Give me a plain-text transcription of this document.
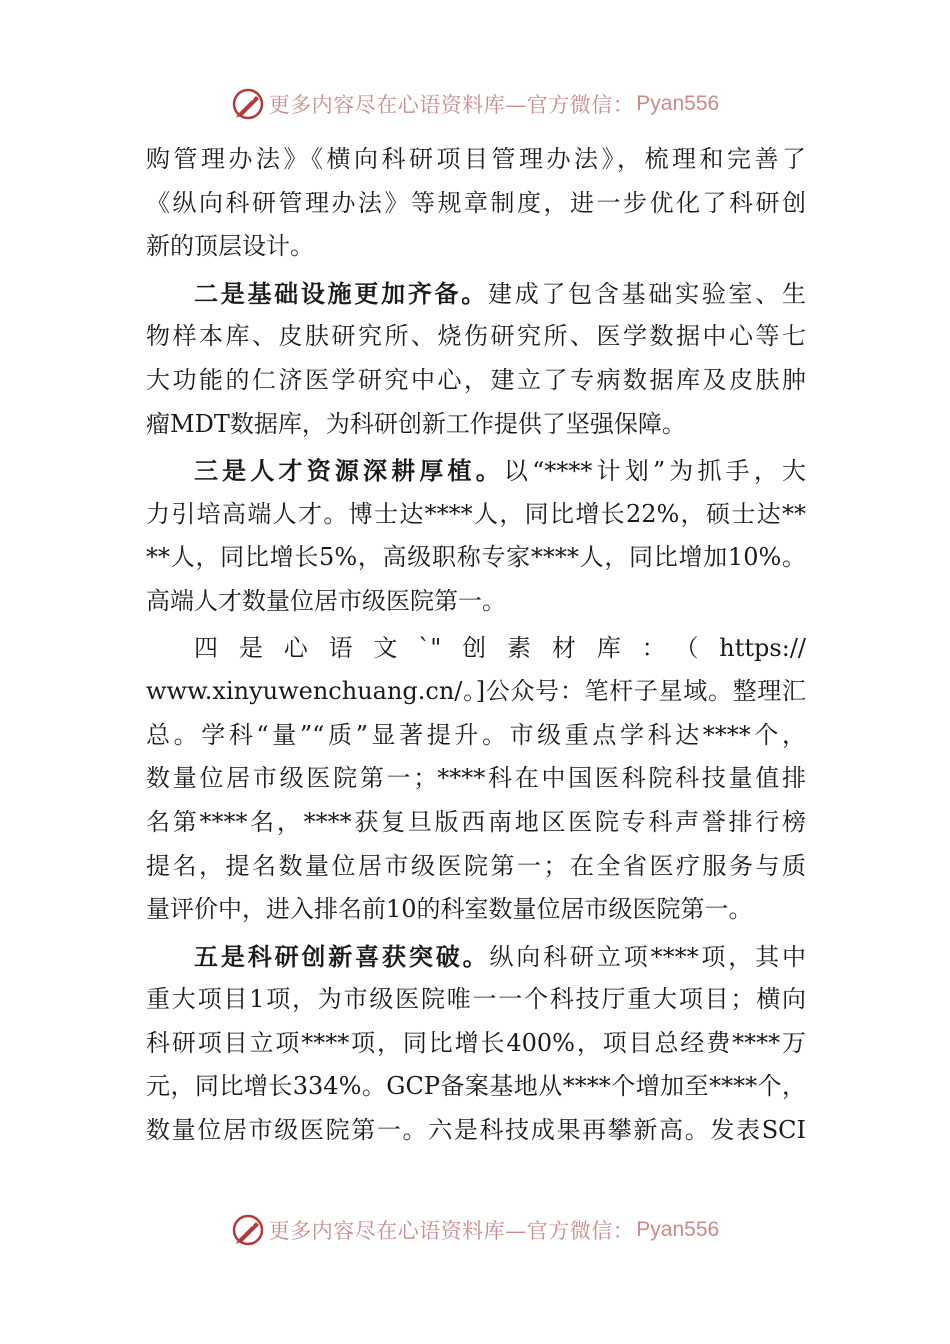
更多内容尽在心语资料库—官方微信： Pyan556
购管理办法》《横向科研项目管理办法》，梳理和完善了
《纵向科研管理办法》等规章制度，进一步优化了科研创
新的顶层设计。
二是基础设施更加齐备。建成了包含基础实验室、生
物样本库、皮肤研究所、烧伤研究所、医学数据中心等七
大功能的仁济医学研究中心，建立了专病数据库及皮肤肿
瘤MDT数据库，为科研创新工作提供了坚强保障。
三是人才资源深耕厚植。以“****计划”为抓手，大
力引培高端人才。博士达****人，同比增长22%，硕士达**
**人，同比增长5%，高级职称专家****人，同比增加10%。
高端人才数量位居市级医院第一。
四是心语文`"创素材库：（https://
www.xinyuwenchuang.cn/。]公众号：笔杆子星域。整理汇
总。学科“量”“质”显著提升。市级重点学科达****个，
数量位居市级医院第一；****科在中国医科院科技量值排
名第****名，****获复旦版西南地区医院专科声誉排行榜
提名，提名数量位居市级医院第一；在全省医疗服务与质
量评价中，进入排名前10的科室数量位居市级医院第一。
五是科研创新喜获突破。纵向科研立项****项，其中
重大项目1项，为市级医院唯一一个科技厅重大项目；横向
科研项目立项****项，同比增长400%，项目总经费****万
元，同比增长334%。GCP备案基地从****个增加至****个，
数量位居市级医院第一。六是科技成果再攀新高。发表SCI
更多内容尽在心语资料库—官方微信： Pyan556
